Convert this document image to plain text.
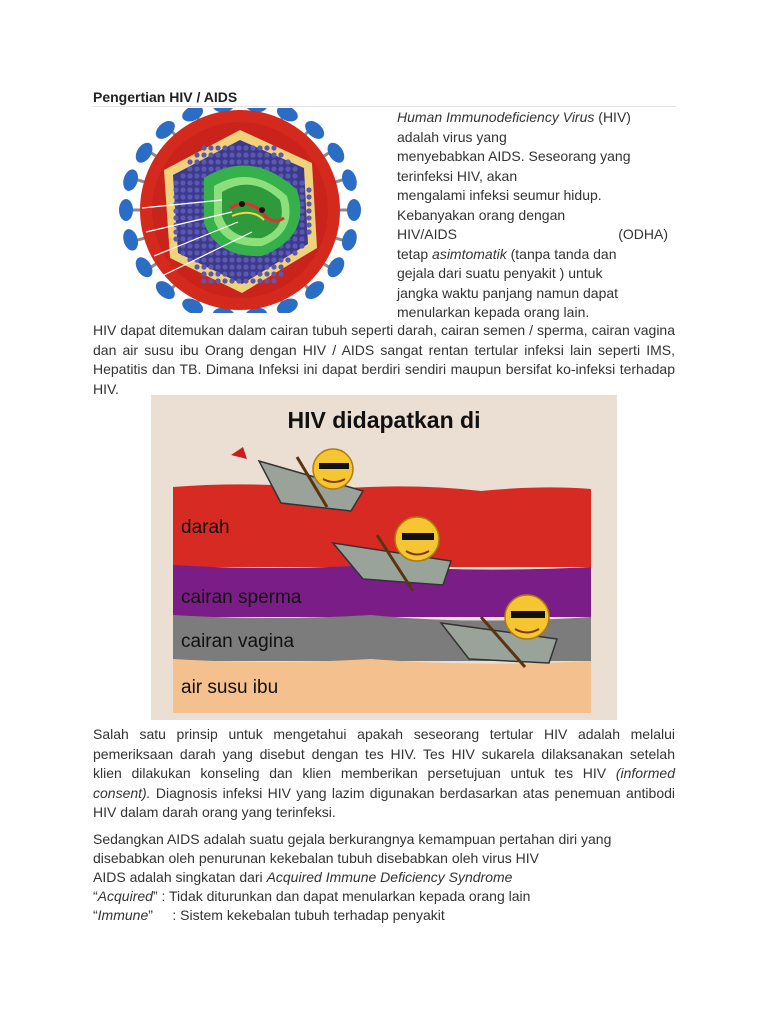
Pengertian HIV / AIDS

Human Immunodeficiency Virus (HIV)

adalah virus yang

menyebabkan AIDS. Seseorang yang

terinfeksi HIV, akan

mengalami infeksi seumur hidup.

Kebanyakan orang dengan

HIV/AIDS	(ODHA)

tetap asimtomatik (tanpa tanda dan

gejala dari suatu penyakit ) untuk

jangka waktu panjang namun dapat

menularkan kepada orang lain.

HIV dapat ditemukan dalam cairan tubuh seperti darah, cairan semen / sperma, cairan vagina dan air susu ibu Orang dengan HIV / AIDS sangat rentan tertular infeksi lain seperti IMS, Hepatitis dan TB. Dimana Infeksi ini dapat berdiri sendiri maupun bersifat ko-infeksi terhadap HIV.

HIV didapatkan di
darah
cairan sperma
cairan vagina
air susu ibu

Salah satu prinsip untuk mengetahui apakah seseorang tertular HIV adalah melalui pemeriksaan darah yang disebut dengan tes HIV. Tes HIV sukarela dilaksanakan setelah klien dilakukan konseling dan klien memberikan persetujuan untuk tes HIV (informed consent). Diagnosis infeksi HIV yang lazim digunakan berdasarkan atas penemuan antibodi HIV dalam darah orang yang terinfeksi.

Sedangkan AIDS adalah suatu gejala berkurangnya kemampuan pertahan diri yang

disebabkan oleh penurunan kekebalan tubuh disebabkan oleh virus HIV

AIDS adalah singkatan dari Acquired Immune Deficiency Syndrome

“Acquired” : Tidak diturunkan dan dapat menularkan kepada orang lain

“Immune”     : Sistem kekebalan tubuh terhadap penyakit
